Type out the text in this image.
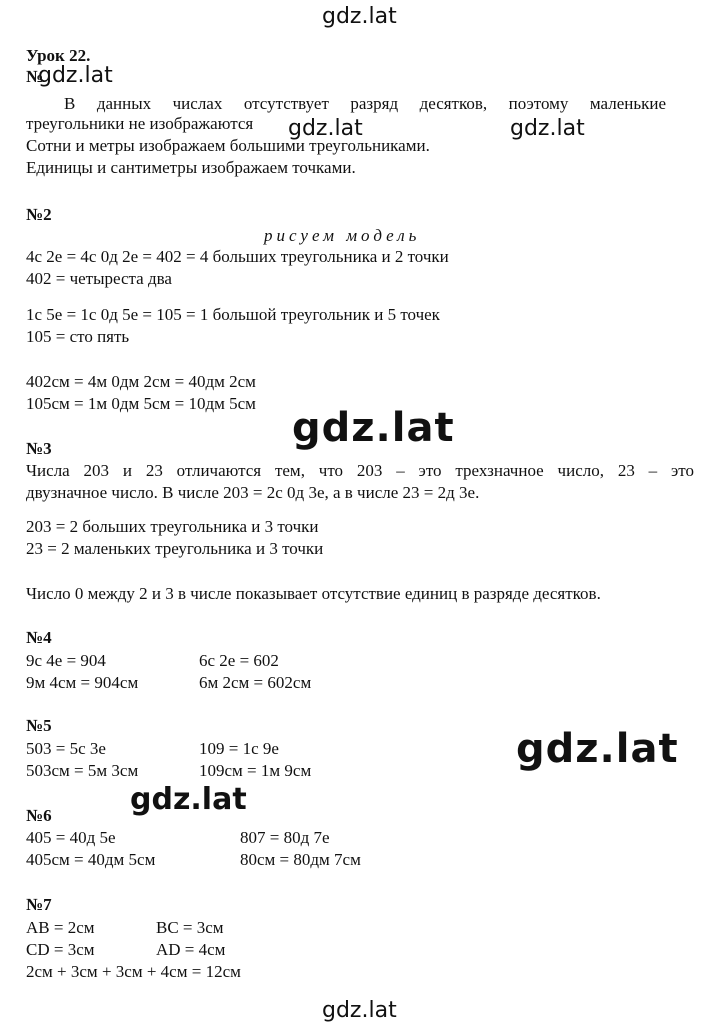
gdz.lat
gdz.lat	gdz.lat
gdz.lat
gdz.lat
gdz.lat
gdz.lat
Урок 22.
№
gdz.lat
В данных числах отсутствует разряд десятков, поэтому маленькие
треугольники не изображаются
Сотни и метры изображаем большими треугольниками.
Единицы и сантиметры изображаем точками.
№2
рисуем модель
4с 2е = 4с 0д 2е = 402 = 4 больших треугольника и 2 точки
402 = четыреста два
1с 5е = 1с 0д 5е = 105 = 1 большой треугольник и 5 точек
105 = сто пять
402см = 4м 0дм 2см = 40дм 2см
105см = 1м 0дм 5см = 10дм 5см
№3
Числа 203 и 23 отличаются тем, что 203 – это трехзначное число, 23 – это
двузначное число. В числе 203 = 2с 0д 3е, а в числе 23 = 2д 3е.
203 = 2 больших треугольника и 3 точки
23 = 2 маленьких треугольника и 3 точки
Число 0 между 2 и 3 в числе показывает отсутствие единиц в разряде десятков.
№4
9с 4е = 904	6с 2е = 602
9м 4см = 904см	6м 2см = 602см
№5
503 = 5с 3е	109 = 1с 9е
503см = 5м 3см	109см = 1м 9см
№6
405 = 40д 5е	807 = 80д 7е
405см = 40дм 5см	80см = 80дм 7см
№7
AB = 2см	BC = 3см
CD = 3см	AD = 4см
2см + 3см + 3см + 4см = 12см
